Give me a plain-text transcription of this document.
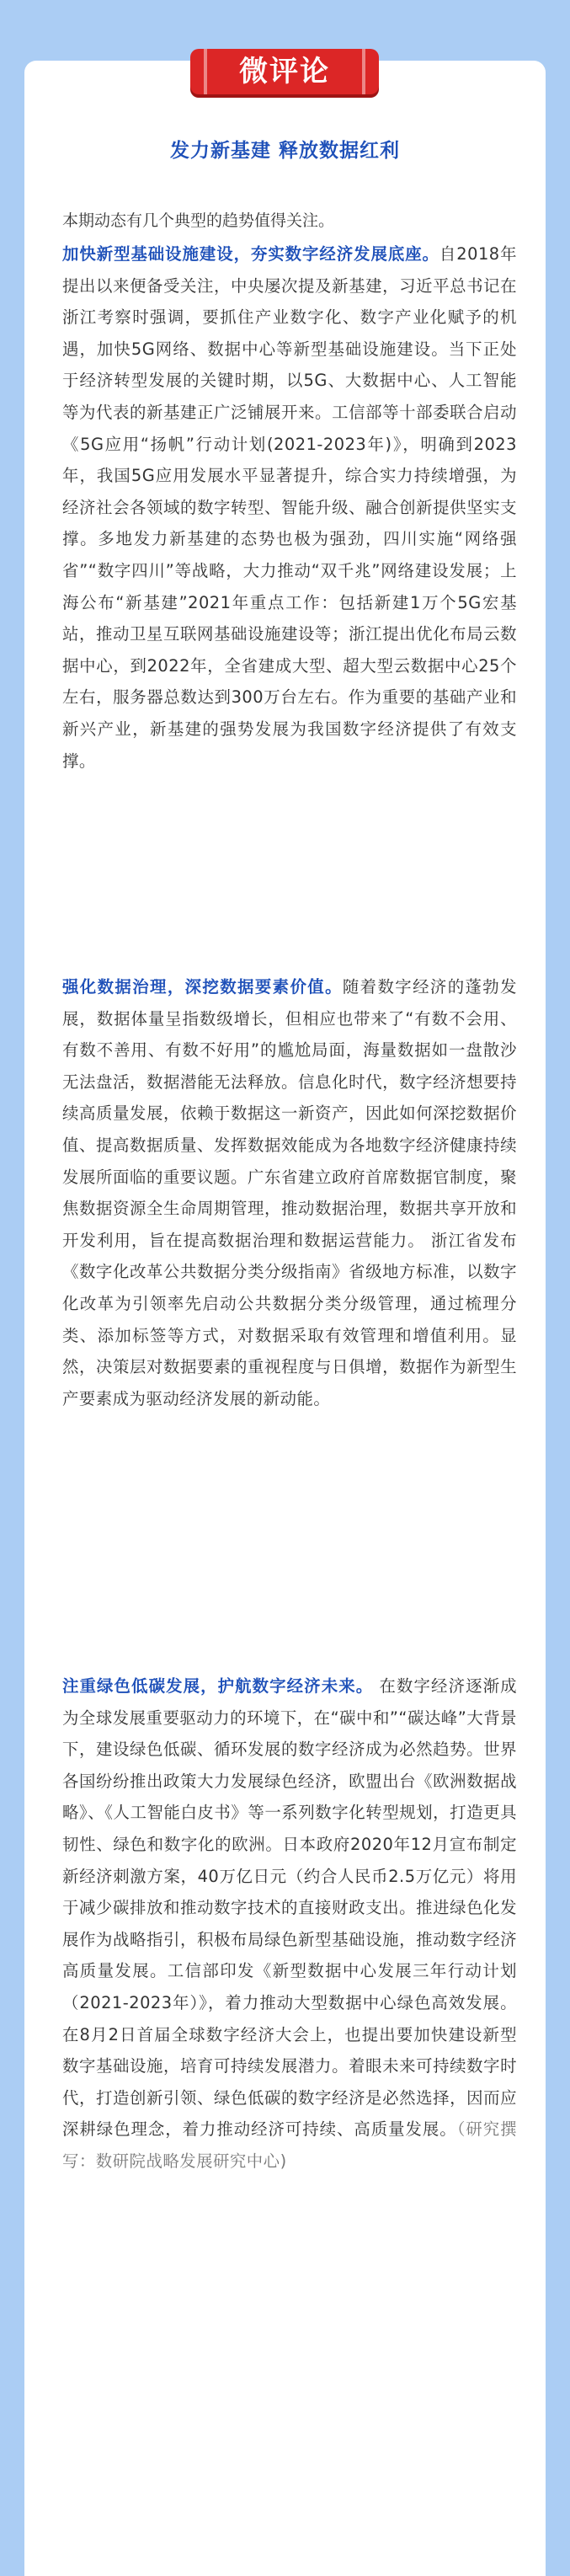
微评论
发力新基建 释放数据红利

本期动态有几个典型的趋势值得关注。

加快新型基础设施建设，夯实数字经济发展底座。自2018年提出以来便备受关注，中央屡次提及新基建，习近平总书记在浙江考察时强调，要抓住产业数字化、数字产业化赋予的机遇，加快5G网络、数据中心等新型基础设施建设。当下正处于经济转型发展的关键时期，以5G、大数据中心、人工智能等为代表的新基建正广泛铺展开来。工信部等十部委联合启动《5G应用“扬帆”行动计划(2021-2023年)》，明确到2023年，我国5G应用发展水平显著提升，综合实力持续增强，为经济社会各领域的数字转型、智能升级、融合创新提供坚实支撑。多地发力新基建的态势也极为强劲，四川实施“网络强省”“数字四川”等战略，大力推动“双千兆”网络建设发展；上海公布“新基建”2021年重点工作：包括新建1万个5G宏基站，推动卫星互联网基础设施建设等；浙江提出优化布局云数据中心，到2022年，全省建成大型、超大型云数据中心25个左右，服务器总数达到300万台左右。作为重要的基础产业和新兴产业，新基建的强势发展为我国数字经济提供了有效支撑。

强化数据治理，深挖数据要素价值。随着数字经济的蓬勃发展，数据体量呈指数级增长，但相应也带来了“有数不会用、有数不善用、有数不好用”的尴尬局面，海量数据如一盘散沙无法盘活，数据潜能无法释放。信息化时代，数字经济想要持续高质量发展，依赖于数据这一新资产，因此如何深挖数据价值、提高数据质量、发挥数据效能成为各地数字经济健康持续发展所面临的重要议题。广东省建立政府首席数据官制度，聚焦数据资源全生命周期管理，推动数据治理，数据共享开放和开发利用，旨在提高数据治理和数据运营能力。 浙江省发布《数字化改革公共数据分类分级指南》省级地方标准，以数字化改革为引领率先启动公共数据分类分级管理，通过梳理分类、添加标签等方式，对数据采取有效管理和增值利用。显然，决策层对数据要素的重视程度与日俱增，数据作为新型生产要素成为驱动经济发展的新动能。

注重绿色低碳发展，护航数字经济未来。 在数字经济逐渐成为全球发展重要驱动力的环境下，在“碳中和”“碳达峰”大背景下，建设绿色低碳、循环发展的数字经济成为必然趋势。世界各国纷纷推出政策大力发展绿色经济，欧盟出台《欧洲数据战略》、《人工智能白皮书》等一系列数字化转型规划，打造更具韧性、绿色和数字化的欧洲。日本政府2020年12月宣布制定新经济刺激方案，40万亿日元（约合人民币2.5万亿元）将用于减少碳排放和推动数字技术的直接财政支出。推进绿色化发展作为战略指引，积极布局绿色新型基础设施，推动数字经济高质量发展。工信部印发《新型数据中心发展三年行动计划（2021-2023年）》，着力推动大型数据中心绿色高效发展。在8月2日首届全球数字经济大会上，也提出要加快建设新型数字基础设施，培育可持续发展潜力。着眼未来可持续数字时代，打造创新引领、绿色低碳的数字经济是必然选择，因而应深耕绿色理念，着力推动经济可持续、高质量发展。（研究撰写：数研院战略发展研究中心)
